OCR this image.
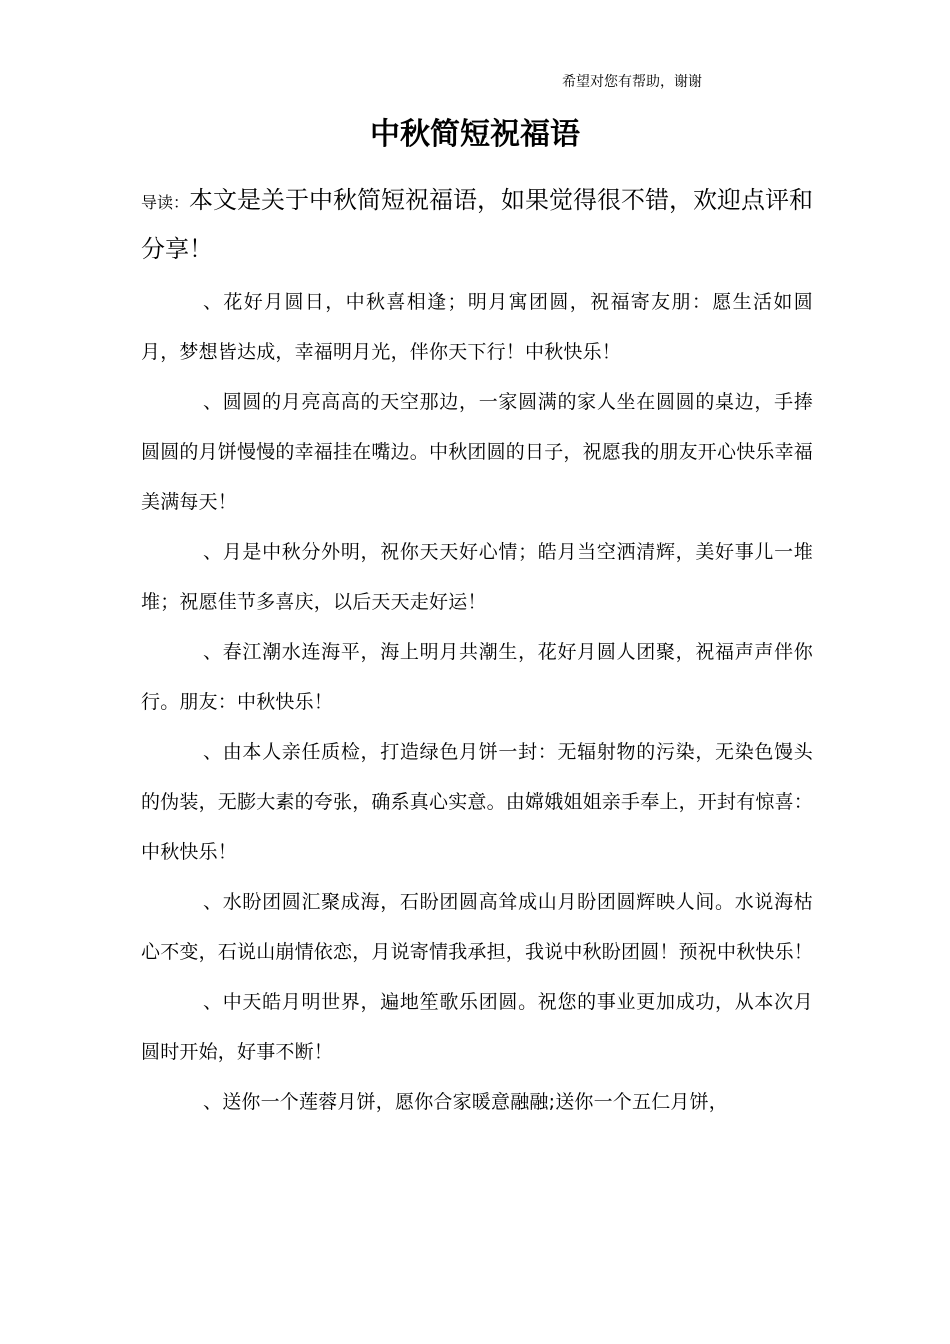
希望对您有帮助，谢谢
中秋简短祝福语

导读：本文是关于中秋简短祝福语，如果觉得很不错，欢迎点评和分享！

、花好月圆日，中秋喜相逢；明月寓团圆，祝福寄友朋：愿生活如圆月，梦想皆达成，幸福明月光，伴你天下行！中秋快乐！

、圆圆的月亮高高的天空那边，一家圆满的家人坐在圆圆的桌边，手捧圆圆的月饼慢慢的幸福挂在嘴边。中秋团圆的日子，祝愿我的朋友开心快乐幸福美满每天！

、月是中秋分外明，祝你天天好心情；皓月当空洒清辉，美好事儿一堆堆；祝愿佳节多喜庆，以后天天走好运！

、春江潮水连海平，海上明月共潮生，花好月圆人团聚，祝福声声伴你行。朋友：中秋快乐！

、由本人亲任质检，打造绿色月饼一封：无辐射物的污染，无染色馒头的伪装，无膨大素的夸张，确系真心实意。由嫦娥姐姐亲手奉上，开封有惊喜：中秋快乐！

、水盼团圆汇聚成海，石盼团圆高耸成山月盼团圆辉映人间。水说海枯心不变，石说山崩情依恋，月说寄情我承担，我说中秋盼团圆！预祝中秋快乐！

、中天皓月明世界，遍地笙歌乐团圆。祝您的事业更加成功，从本次月圆时开始，好事不断！

、送你一个莲蓉月饼，愿你合家暖意融融;送你一个五仁月饼，
